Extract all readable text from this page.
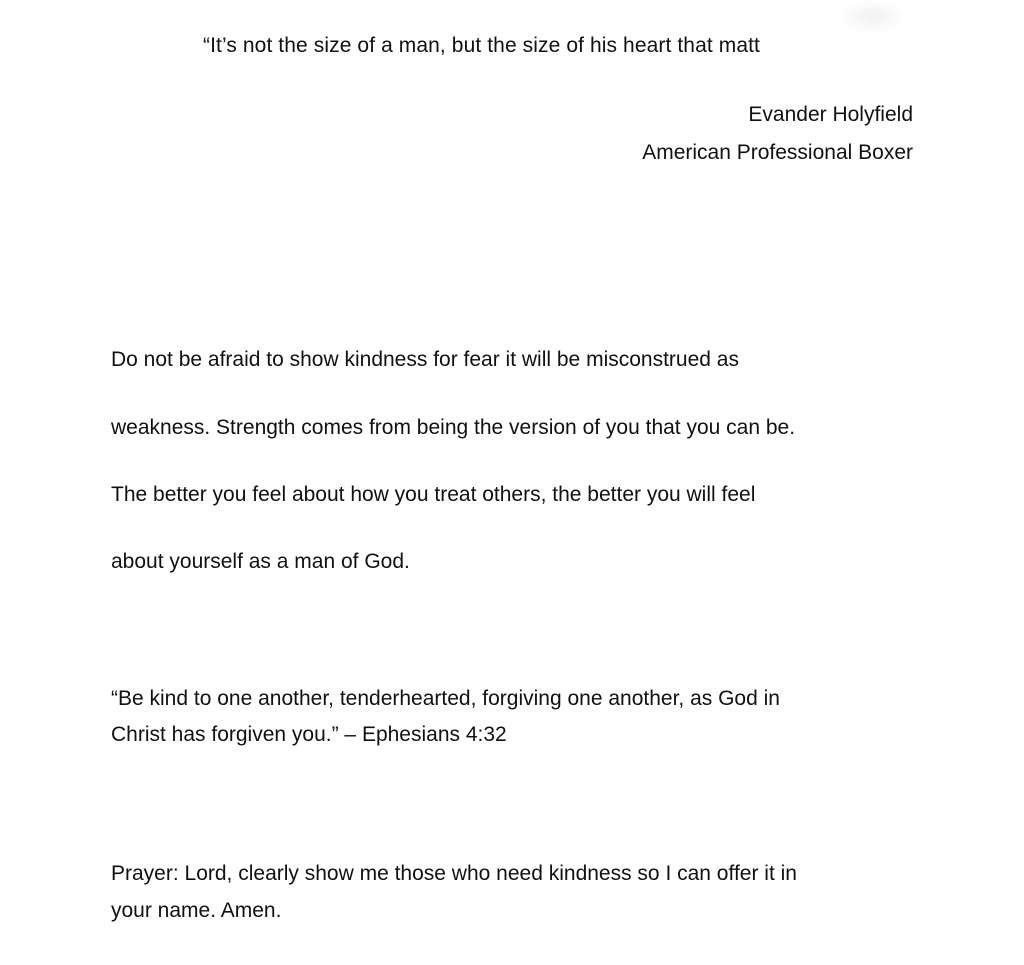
“It’s not the size of a man, but the size of his heart that matt
Evander Holyfield
American Professional Boxer
Do not be afraid to show kindness for fear it will be misconstrued as
weakness. Strength comes from being the version of you that you can be.
The better you feel about how you treat others, the better you will feel
about yourself as a man of God.
“Be kind to one another, tenderhearted, forgiving one another, as God in
Christ has forgiven you.” – Ephesians 4:32
Prayer: Lord, clearly show me those who need kindness so I can offer it in
your name. Amen.
